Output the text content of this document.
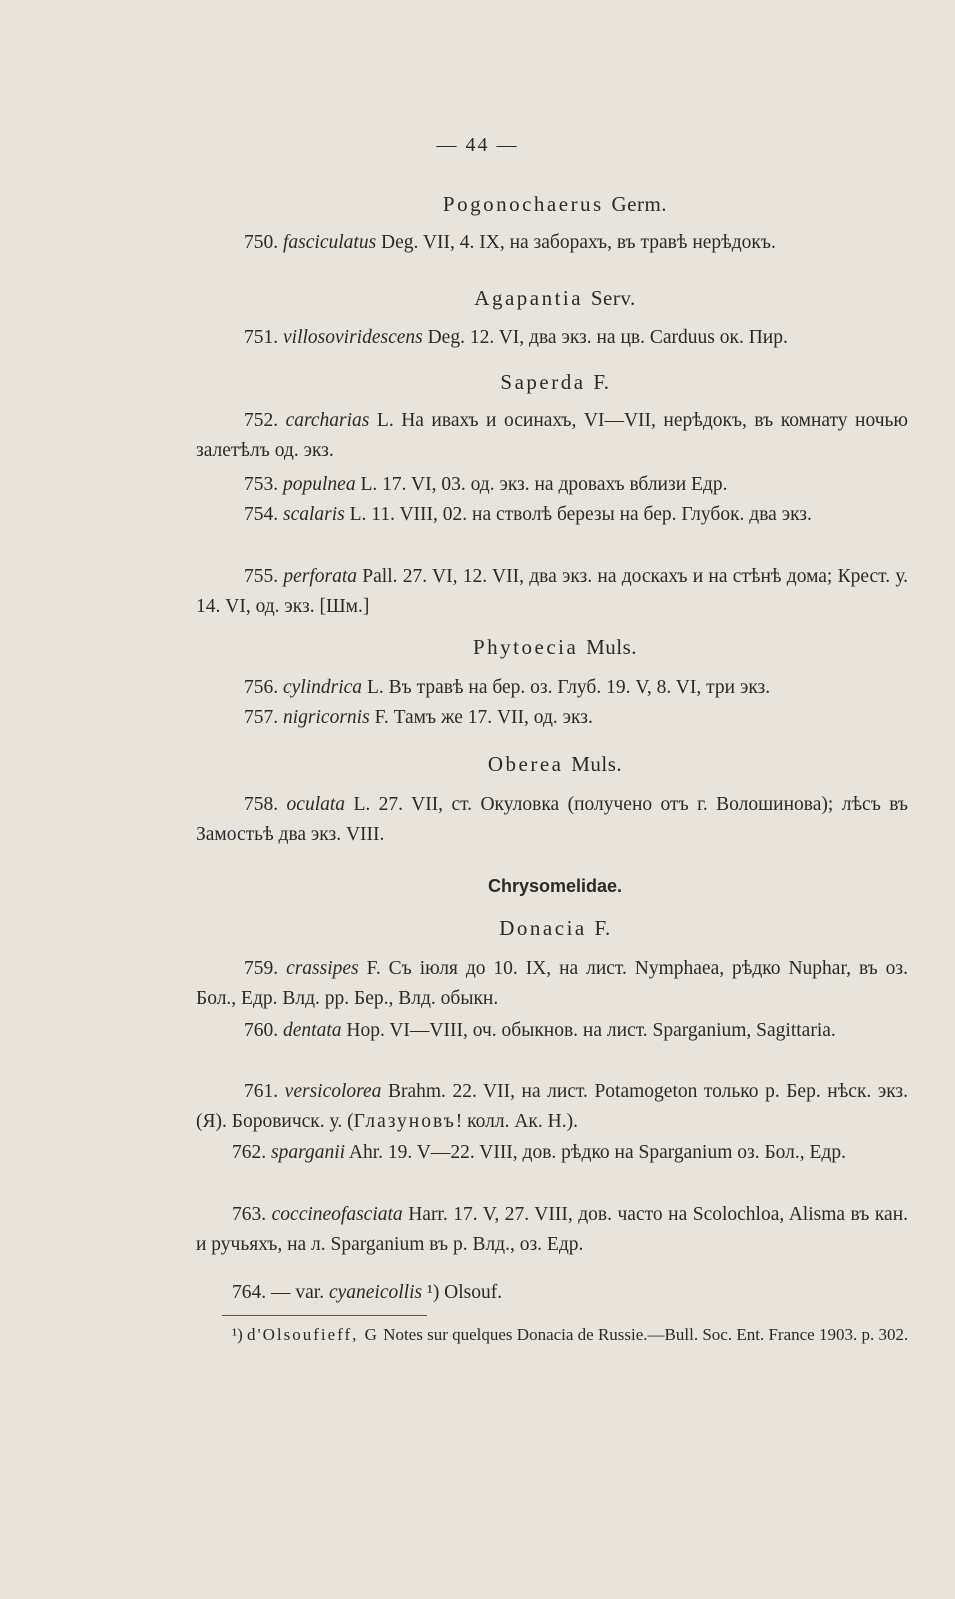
— 44 —
Pogonochaerus Germ.
750. fasciculatus Deg. VII, 4. IX, на заборахъ, въ травѣ нерѣдокъ.
Agapantia Serv.
751. villosoviridescens Deg. 12. VI, два экз. на цв. Carduus ок. Пир.
Saperda F.
752. carcharias L. На ивахъ и осинахъ, VI—VII, нерѣдокъ, въ комнату ночью залетѣлъ од. экз.
753. populnea L. 17. VI, 03. од. экз. на дровахъ вблизи Едр.
754. scalaris L. 11. VIII, 02. на стволѣ березы на бер. Глубок. два экз.
755. perforata Pall. 27. VI, 12. VII, два экз. на доскахъ и на стѣнѣ дома; Крест. у. 14. VI, од. экз. [Шм.]
Phytoecia Muls.
756. cylindrica L. Въ травѣ на бер. оз. Глуб. 19. V, 8. VI, три экз.
757. nigricornis F. Тамъ же 17. VII, од. экз.
Oberea Muls.
758. oculata L. 27. VII, ст. Окуловка (получено отъ г. Волошинова); лѣсъ въ Замостьѣ два экз. VIII.
Chrysomelidae.
Donacia F.
759. crassipes F. Съ іюля до 10. IX, на лист. Nymphaea, рѣдко Nuphar, въ оз. Бол., Едр. Влд. рр. Бер., Влд. обыкн.
760. dentata Hop. VI—VIII, оч. обыкнов. на лист. Sparganium, Sagittaria.
761. versicolorea Brahm. 22. VII, на лист. Potamogeton только р. Бер. нѣск. экз. (Я). Боровичск. у. (Глазуновъ! колл. Ак. Н.).
762. sparganii Ahr. 19. V—22. VIII, дов. рѣдко на Sparganium оз. Бол., Едр.
763. coccineofasciata Harr. 17. V, 27. VIII, дов. часто на Scolochloa, Alisma въ кан. и ручьяхъ, на л. Sparganium въ р. Влд., оз. Едр.
764. — var. cyaneicollis ¹) Olsouf.
¹) d'Olsoufieff, G Notes sur quelques Donacia de Russie.—Bull. Soc. Ent. France 1903. p. 302.
